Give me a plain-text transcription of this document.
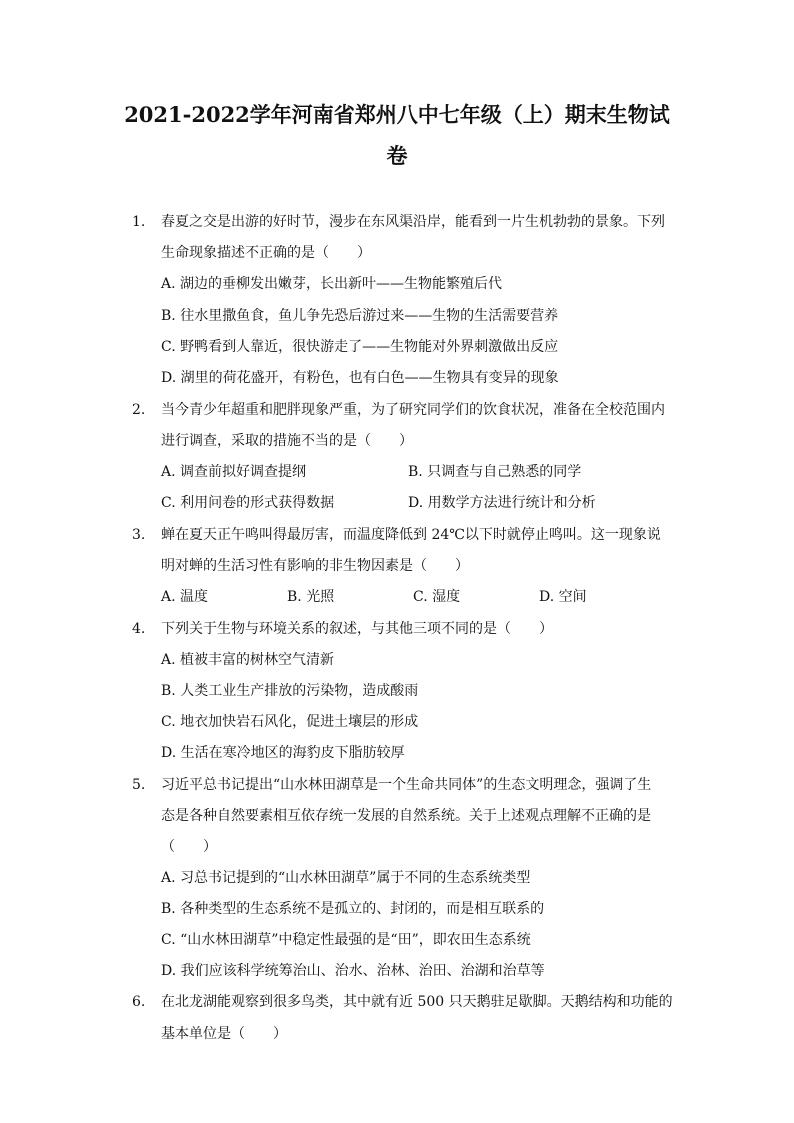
2021-2022学年河南省郑州八中七年级（上）期末生物试
卷
1. 春夏之交是出游的好时节，漫步在东风渠沿岸，能看到一片生机勃勃的景象。下列
生命现象描述不正确的是（　　）
A. 湖边的垂柳发出嫩芽，长出新叶——生物能繁殖后代
B. 往水里撒鱼食，鱼儿争先恐后游过来——生物的生活需要营养
C. 野鸭看到人靠近，很快游走了——生物能对外界刺激做出反应
D. 湖里的荷花盛开，有粉色，也有白色——生物具有变异的现象
2. 当今青少年超重和肥胖现象严重，为了研究同学们的饮食状况，准备在全校范围内
进行调查，采取的措施不当的是（　　）
A. 调查前拟好调查提纲	B. 只调查与自己熟悉的同学
C. 利用问卷的形式获得数据	D. 用数学方法进行统计和分析
3. 蝉在夏天正午鸣叫得最厉害，而温度降低到 24℃以下时就停止鸣叫。这一现象说
明对蝉的生活习性有影响的非生物因素是（　　）
A. 温度	B. 光照	C. 湿度	D. 空间
4. 下列关于生物与环境关系的叙述，与其他三项不同的是（　　）
A. 植被丰富的树林空气清新
B. 人类工业生产排放的污染物，造成酸雨
C. 地衣加快岩石风化，促进土壤层的形成
D. 生活在寒冷地区的海豹皮下脂肪较厚
5. 习近平总书记提出“山水林田湖草是一个生命共同体”的生态文明理念，强调了生
态是各种自然要素相互依存统一发展的自然系统。关于上述观点理解不正确的是
（　　）
A. 习总书记提到的“山水林田湖草”属于不同的生态系统类型
B. 各种类型的生态系统不是孤立的、封闭的，而是相互联系的
C. “山水林田湖草”中稳定性最强的是“田”，即农田生态系统
D. 我们应该科学统筹治山、治水、治林、治田、治湖和治草等
6. 在北龙湖能观察到很多鸟类，其中就有近 500 只天鹅驻足歇脚。天鹅结构和功能的
基本单位是（　　）
